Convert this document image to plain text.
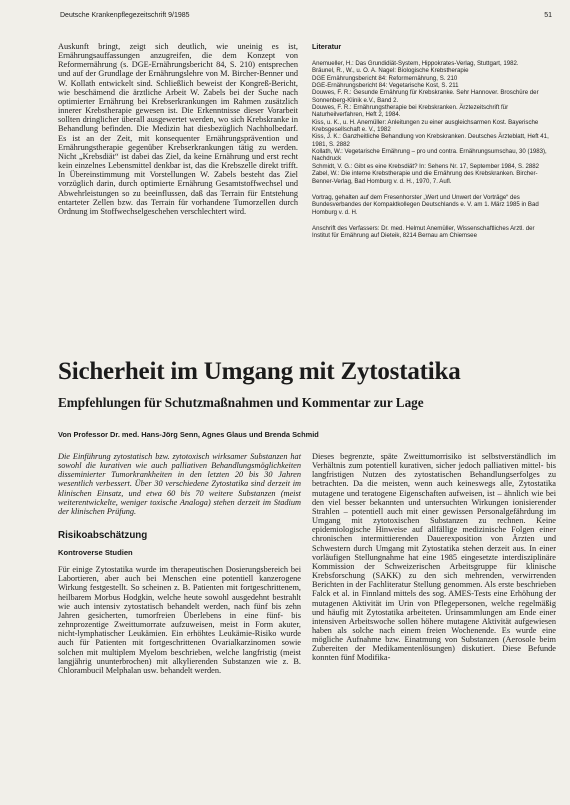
Deutsche Krankenpflegezeitschrift 9/1985	51

Auskunft bringt, zeigt sich deutlich, wie uneinig es ist, Ernährungsauffassungen anzugreifen, die dem Konzept von Reformernährung (s. DGE-Ernährungsbericht 84, S. 210) entsprechen und auf der Grundlage der Ernährungslehre von M. Bircher-Benner und W. Kollath entwickelt sind. Schließlich beweist der Kongreß-Bericht, wie beschämend die ärztliche Arbeit W. Zabels bei der Suche nach optimierter Ernährung bei Krebserkrankungen im Rahmen zusätzlich innerer Krebstherapie gewesen ist. Die Erkenntnisse dieser Vorarbeit sollten dringlicher überall ausgewertet werden, wo sich Krebskranke in Behandlung befinden. Die Medizin hat diesbezüglich Nachholbedarf. Es ist an der Zeit, mit konsequenter Ernährungsprävention und Ernährungstherapie gegenüber Krebserkrankungen tätig zu werden. Nicht „Krebsdiät“ ist dabei das Ziel, da keine Ernährung und erst recht kein einzelnes Lebensmittel denkbar ist, das die Krebszelle direkt trifft. In Übereinstimmung mit Vorstellungen W. Zabels besteht das Ziel vorzüglich darin, durch optimierte Ernährung Gesamtstoffwechsel und Abwehrleistungen so zu beeinflussen, daß das Terrain für Entstehung entarteter Zellen bzw. das Terrain für vorhandene Tumorzellen durch Ordnung im Stoffwechselgeschehen verschlechtert wird.

Literatur

Anemueller, H.: Das Grundidiät-System, Hippokrates-Verlag, Stuttgart, 1982.
Bräunel, R., W., u. O. A. Nagel: Biologische Krebstherapie
DGE Ernährungsbericht 84: Reformernährung, S. 210
DGE-Ernährungsbericht 84: Vegetarische Kost, S. 211
Douwes, F. R.: Gesunde Ernährung für Krebskranke. Sehr Hannover. Broschüre der Sonnenberg-Klinik e.V., Band 2.
Douwes, F. R.: Ernährungstherapie bei Krebskranken. Ärztezeitschrift für Naturheilverfahren, Heft 2, 1984.
Kiss, u. K., u. H. Anemüller: Anleitungen zu einer ausgleichsarmen Kost. Bayerische Krebsgesellschaft e. V., 1982
Kiss, J. K.: Ganzheitliche Behandlung von Krebskranken. Deutsches Ärzteblatt, Heft 41, 1981, S. 2882
Kollath, W.: Vegetarische Ernährung – pro und contra. Ernährungsumschau, 30 (1983), Nachdruck
Schmidt, V. G.: Gibt es eine Krebsdiät? In: Sehens Nr. 17, September 1984, S. 2882
Zabel, W.: Die interne Krebstherapie und die Ernährung des Krebskranken. Bircher-Benner-Verlag, Bad Homburg v. d. H., 1970, 7. Aufl.

Vortrag, gehalten auf dem Fresenhorster „Wert und Unwert der Vorträge“ des Bundesverbandes der Kompaktkollegen Deutschlands e. V. am 1. März 1985 in Bad Homburg v. d. H.

Anschrift des Verfassers: Dr. med. Helmut Anemüller, Wissenschaftliches Arztl. der Institut für Ernährung auf Dieteik, 8214 Bernau am Chiemsee

Sicherheit im Umgang mit Zytostatika
Empfehlungen für Schutzmaßnahmen und Kommentar zur Lage

Von Professor Dr. med. Hans-Jörg Senn, Agnes Glaus und Brenda Schmid

Die Einführung zytostatisch bzw. zytotoxisch wirksamer Substanzen hat sowohl die kurativen wie auch palliativen Behandlungsmöglichkeiten disseminierter Tumorkrankheiten in den letzten 20 bis 30 Jahren wesentlich verbessert. Über 30 verschiedene Zytostatika sind derzeit im klinischen Einsatz, und etwa 60 bis 70 weitere Substanzen (meist weiterentwickelte, weniger toxische Analoga) stehen derzeit im Stadium der klinischen Prüfung.

Risikoabschätzung

Kontroverse Studien

Für einige Zytostatika wurde im therapeutischen Dosierungsbereich bei Labortieren, aber auch bei Menschen eine potentiell kanzerogene Wirkung festgestellt. So scheinen z. B. Patienten mit fortgeschrittenem, heilbarem Morbus Hodgkin, welche heute sowohl ausgedehnt bestrahlt wie auch intensiv zytostatisch behandelt werden, nach fünf bis zehn Jahren gesicherten, tumorfreien Überlebens in eine fünf- bis zehnprozentige Zweittumorrate aufzuweisen, meist in Form akuter, nicht-lymphatischer Leukämien. Ein erhöhtes Leukämie-Risiko wurde auch für Patienten mit fortgeschrittenen Ovarialkarzinomen sowie solchen mit multiplem Myelom beschrieben, welche langfristig (meist langjährig ununterbrochen) mit alkylierenden Substanzen wie z. B. Chlorambucil Melphalan usw. behandelt werden.

Dieses begrenzte, späte Zweittumorrisiko ist selbstverständlich im Verhältnis zum potentiell kurativen, sicher jedoch palliativen mittel- bis langfristigen Nutzen des zytostatischen Behandlungserfolges zu betrachten. Da die meisten, wenn auch keineswegs alle, Zytostatika mutagene und teratogene Eigenschaften aufweisen, ist – ähnlich wie bei den viel besser bekannten und untersuchten Wirkungen ionisierender Strahlen – potentiell auch mit einer gewissen Personalgefährdung im Umgang mit zytotoxischen Substanzen zu rechnen. Keine epidemiologische Hinweise auf allfällige medizinische Folgen einer chronischen intermittierenden Dauerexposition von Ärzten und Schwestern durch Umgang mit Zytostatika stehen derzeit aus. In einer vorläufigen Stellungnahme hat eine 1985 eingesetzte interdisziplinäre Kommission der Schweizerischen Arbeitsgruppe für klinische Krebsforschung (SAKK) zu den sich mehrenden, verwirrenden Berichten in der Fachliteratur Stellung genommen. Als erste beschrieben Falck et al. in Finnland mittels des sog. AMES-Tests eine Erhöhung der mutagenen Aktivität im Urin von Pflegepersonen, welche regelmäßig und häufig mit Zytostatika arbeiteten. Urinsammlungen am Ende einer intensiven Arbeitswoche sollen höhere mutagene Aktivität aufgewiesen haben als solche nach einem freien Wochenende. Es wurde eine mögliche Aufnahme bzw. Einatmung von Substanzen (Aerosole beim Zubereiten der Medikamentenlösungen) diskutiert. Diese Befunde konnten fünf Modifika-
